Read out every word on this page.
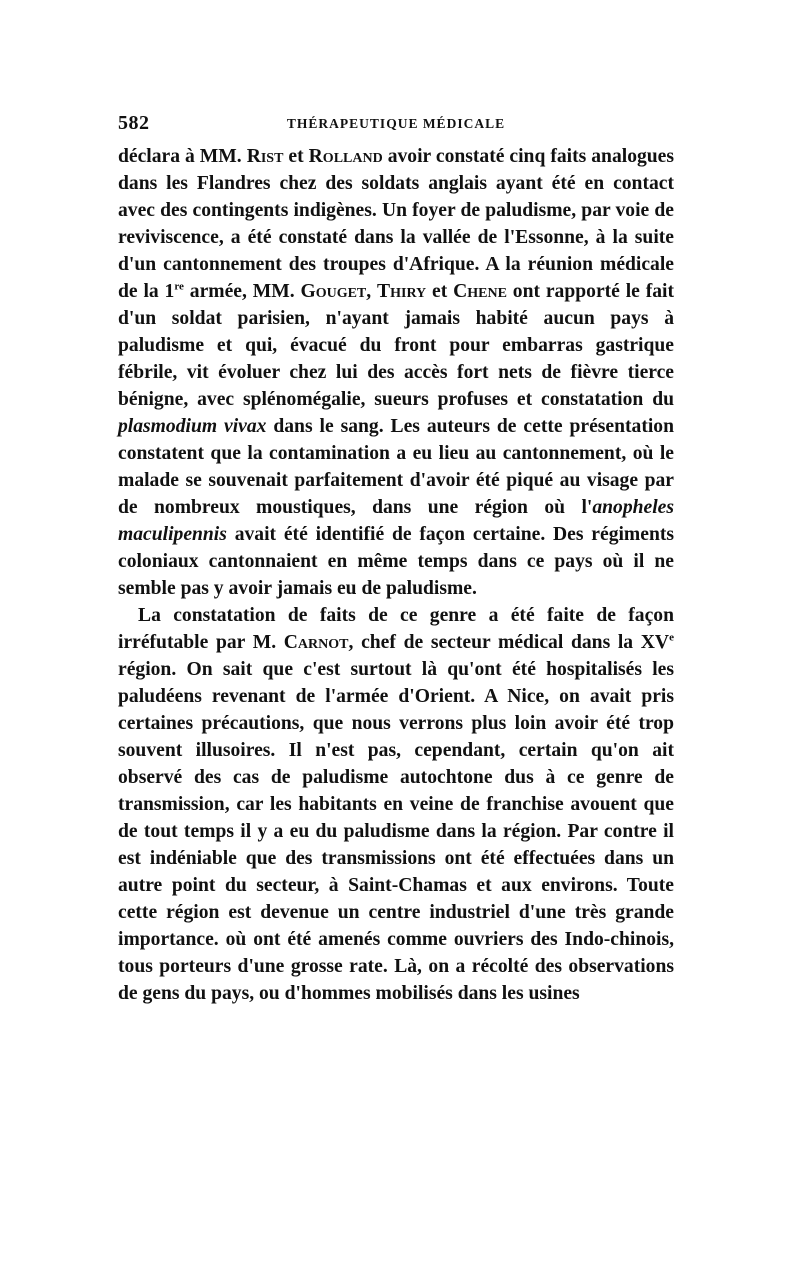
582	THÉRAPEUTIQUE MÉDICALE

déclara à MM. Rist et Rolland avoir constaté cinq faits analogues dans les Flandres chez des soldats anglais ayant été en contact avec des contingents indigènes. Un foyer de paludisme, par voie de reviviscence, a été constaté dans la vallée de l'Essonne, à la suite d'un cantonnement des troupes d'Afrique. A la réunion médicale de la 1re armée, MM. Gouget, Thiry et Chene ont rapporté le fait d'un soldat parisien, n'ayant jamais habité aucun pays à paludisme et qui, évacué du front pour embarras gastrique fébrile, vit évoluer chez lui des accès fort nets de fièvre tierce bénigne, avec splénomégalie, sueurs profuses et constatation du plasmodium vivax dans le sang. Les auteurs de cette présentation constatent que la contamination a eu lieu au cantonnement, où le malade se souvenait parfaitement d'avoir été piqué au visage par de nombreux moustiques, dans une région où l'anopheles maculipennis avait été identifié de façon certaine. Des régiments coloniaux cantonnaient en même temps dans ce pays où il ne semble pas y avoir jamais eu de paludisme.

La constatation de faits de ce genre a été faite de façon irréfutable par M. Carnot, chef de secteur médical dans la XVe région. On sait que c'est surtout là qu'ont été hospitalisés les paludéens revenant de l'armée d'Orient. A Nice, on avait pris certaines précautions, que nous verrons plus loin avoir été trop souvent illusoires. Il n'est pas, cependant, certain qu'on ait observé des cas de paludisme autochtone dus à ce genre de transmission, car les habitants en veine de franchise avouent que de tout temps il y a eu du paludisme dans la région. Par contre il est indéniable que des transmissions ont été effectuées dans un autre point du secteur, à Saint-Chamas et aux environs. Toute cette région est devenue un centre industriel d'une très grande importance. où ont été amenés comme ouvriers des Indo-chinois, tous porteurs d'une grosse rate. Là, on a récolté des observations de gens du pays, ou d'hommes mobilisés dans les usines
